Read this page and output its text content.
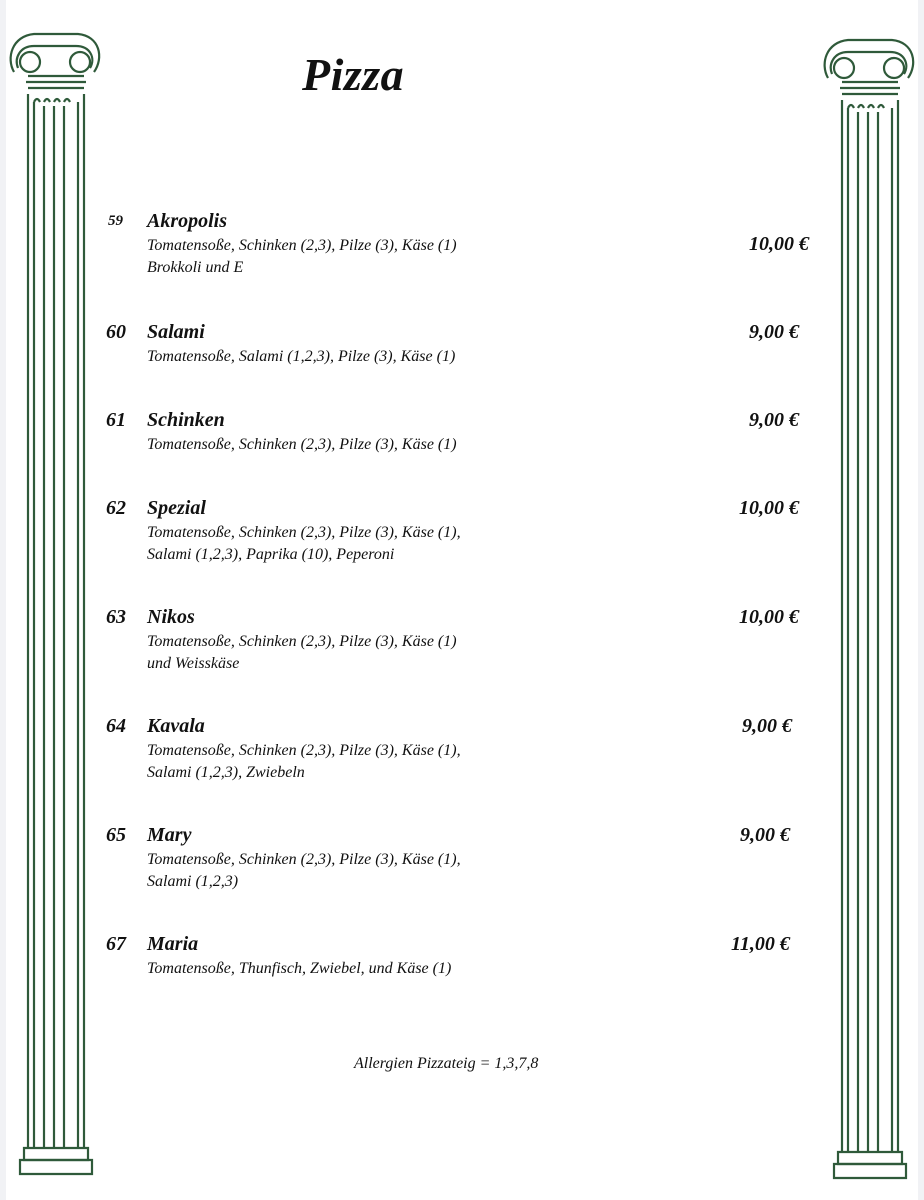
Pizza
59 Akropolis
Tomatensoße, Schinken (2,3), Pilze (3), Käse (1)
Brokkoli und E
10,00 €
60 Salami
Tomatensoße, Salami (1,2,3), Pilze (3), Käse (1)
9,00 €
61 Schinken
Tomatensoße, Schinken (2,3), Pilze (3), Käse (1)
9,00 €
62 Spezial
Tomatensoße, Schinken (2,3), Pilze (3), Käse (1),
Salami (1,2,3), Paprika (10), Peperoni
10,00 €
63 Nikos
Tomatensoße, Schinken (2,3), Pilze (3), Käse (1)
und Weisskäse
10,00 €
64 Kavala
Tomatensoße, Schinken (2,3), Pilze (3), Käse (1),
Salami (1,2,3), Zwiebeln
9,00 €
65 Mary
Tomatensoße, Schinken (2,3), Pilze (3), Käse (1),
Salami (1,2,3)
9,00 €
67 Maria
Tomatensoße, Thunfisch, Zwiebel, und Käse (1)
11,00 €
Allergien Pizzateig = 1,3,7,8
